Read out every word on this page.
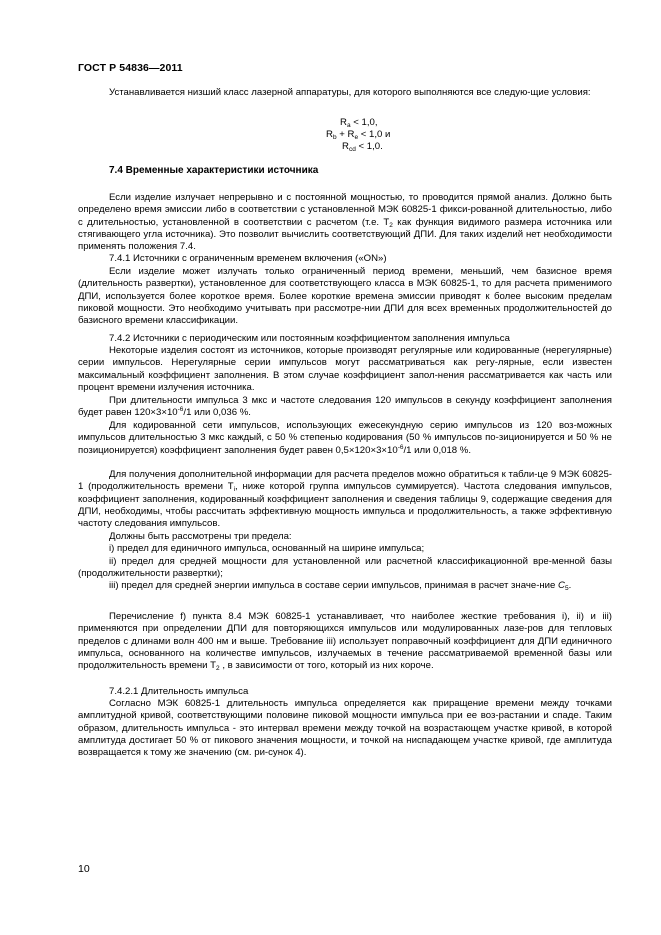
ГОСТ Р 54836—2011
Устанавливается низший класс лазерной аппаратуры, для которого выполняются все следую-щие условия:
$R_a < 1,0$,
$R_b + R_e < 1,0$ и
$R_{cd} < 1,0$.
7.4 Временные характеристики источника
Если изделие излучает непрерывно и с постоянной мощностью, то проводится прямой анализ. Должно быть определено время эмиссии либо в соответствии с установленной МЭК 60825-1 фикси-рованной длительностью, либо с длительностью, установленной в соответствии с расчетом (т.е. $Т_2$ как функция видимого размера источника или стягивающего угла источника). Это позволит вычислить соответствующий ДПИ. Для таких изделий нет необходимости применять положения 7.4.
7.4.1 Источники с ограниченным временем включения («ON»)
Если изделие может излучать только ограниченный период времени, меньший, чем базисное время (длительность развертки), установленное для соответствующего класса в МЭК 60825-1, то для расчета применимого ДПИ, используется более короткое время. Более короткие времена эмиссии приводят к более высоким пределам пиковой мощности. Это необходимо учитывать при рассмотре-нии ДПИ для всех временных продолжительностей до базисного времени классификации.
7.4.2 Источники с периодическим или постоянным коэффициентом заполнения импульса
Некоторые изделия состоят из источников, которые производят регулярные или кодированные (нерегулярные) серии импульсов. Нерегулярные серии импульсов могут рассматриваться как регу-лярные, если известен максимальный коэффициент заполнения. В этом случае коэффициент запол-нения рассматривается как часть или процент времени излучения источника.
При длительности импульса 3 мкс и частоте следования 120 импульсов в секунду коэффициент заполнения будет равен $120\times 3\times 10^{-6}/1$ или 0,036 %.
Для кодированной сети импульсов, использующих ежесекундную серию импульсов из 120 воз-можных импульсов длительностью 3 мкс каждый, с 50 % степенью кодирования (50 % импульсов по-зиционируется и 50 % не позиционируется) коэффициент заполнения будет равен $0,5\times 120\times 3\times 10^{-6}/1$ или 0,018 %.
Для получения дополнительной информации для расчета пределов можно обратиться к табли-це 9 МЭК 60825-1 (продолжительность времени $T_i$, ниже которой группа импульсов суммируется). Частота следования импульсов, коэффициент заполнения, кодированный коэффициент заполнения и сведения таблицы 9, содержащие сведения для ДПИ, необходимы, чтобы рассчитать эффективную мощность импульса и продолжительность, а также эффективную частоту следования импульсов.
Должны быть рассмотрены три предела:
i) предел для единичного импульса, основанный на ширине импульса;
ii) предел для средней мощности для установленной или расчетной классификационной вре-менной базы (продолжительности развертки);
iii) предел для средней энергии импульса в составе серии импульсов, принимая в расчет значе-ние $C_5$.
Перечисление f) пункта 8.4 МЭК 60825-1 устанавливает, что наиболее жесткие требования i), ii) и iii) применяются при определении ДПИ для повторяющихся импульсов или модулированных лазе-ров для тепловых пределов с длинами волн 400 нм и выше. Требование iii) использует поправочный коэффициент для ДПИ единичного импульса, основанного на количестве импульсов, излучаемых в течение рассматриваемой временной базы или продолжительность времени $Т_2$ , в зависимости от того, который из них короче.
7.4.2.1 Длительность импульса
Согласно МЭК 60825-1 длительность импульса определяется как приращение времени между точками амплитудной кривой, соответствующими половине пиковой мощности импульса при ее воз-растании и спаде. Таким образом, длительность импульса - это интервал времени между точкой на возрастающем участке кривой, в которой амплитуда достигает 50 % от пикового значения мощности, и точкой на ниспадающем участке кривой, где амплитуда возвращается к тому же значению (см. ри-сунок 4).
10
